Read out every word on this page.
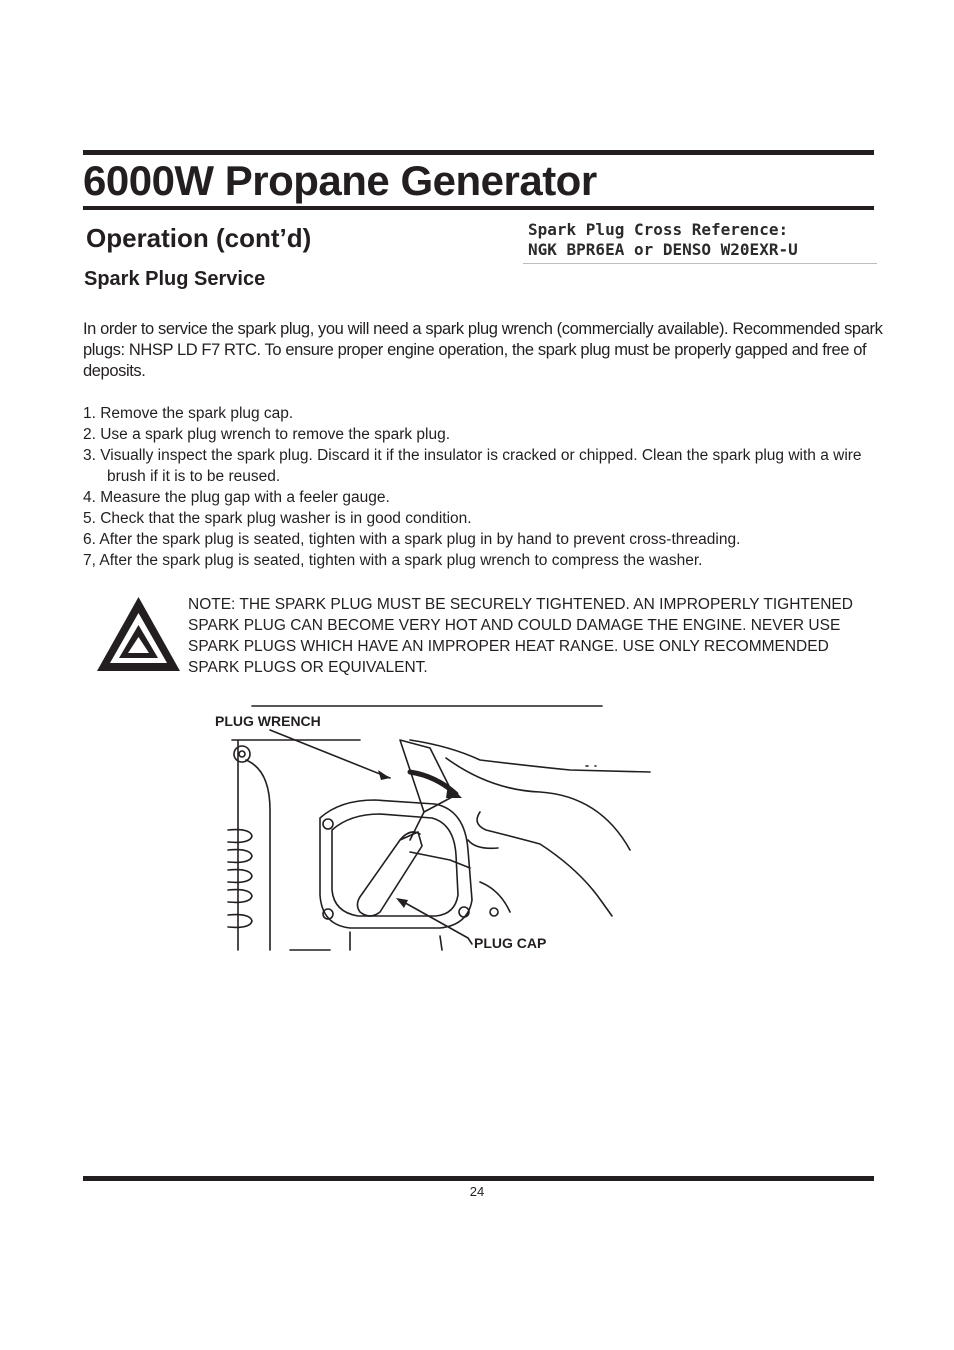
6000W Propane Generator
Operation (cont’d)
Spark Plug Service
Spark Plug Cross Reference:
NGK BPR6EA or DENSO W20EXR-U

In order to service the spark plug, you will need a spark plug wrench (commercially available). Recommended spark plugs: NHSP LD F7 RTC. To ensure proper engine operation, the spark plug must be properly gapped and free of deposits.

1. Remove the spark plug cap.
2. Use a spark plug wrench to remove the spark plug.
3. Visually inspect the spark plug. Discard it if the insulator is cracked or chipped. Clean the spark plug with a wire brush if it is to be reused.
4. Measure the plug gap with a feeler gauge.
5. Check that the spark plug washer is in good condition.
6. After the spark plug is seated, tighten with a spark plug in by hand to prevent cross-threading.
7, After the spark plug is seated, tighten with a spark plug wrench to compress the washer.

NOTE: THE SPARK PLUG MUST BE SECURELY TIGHTENED. AN IMPROPERLY TIGHTENED SPARK PLUG CAN BECOME VERY HOT AND COULD DAMAGE THE ENGINE. NEVER USE SPARK PLUGS WHICH HAVE AN IMPROPER HEAT RANGE. USE ONLY RECOMMENDED SPARK PLUGS OR EQUIVALENT.

PLUG WRENCH
PLUG CAP
24
